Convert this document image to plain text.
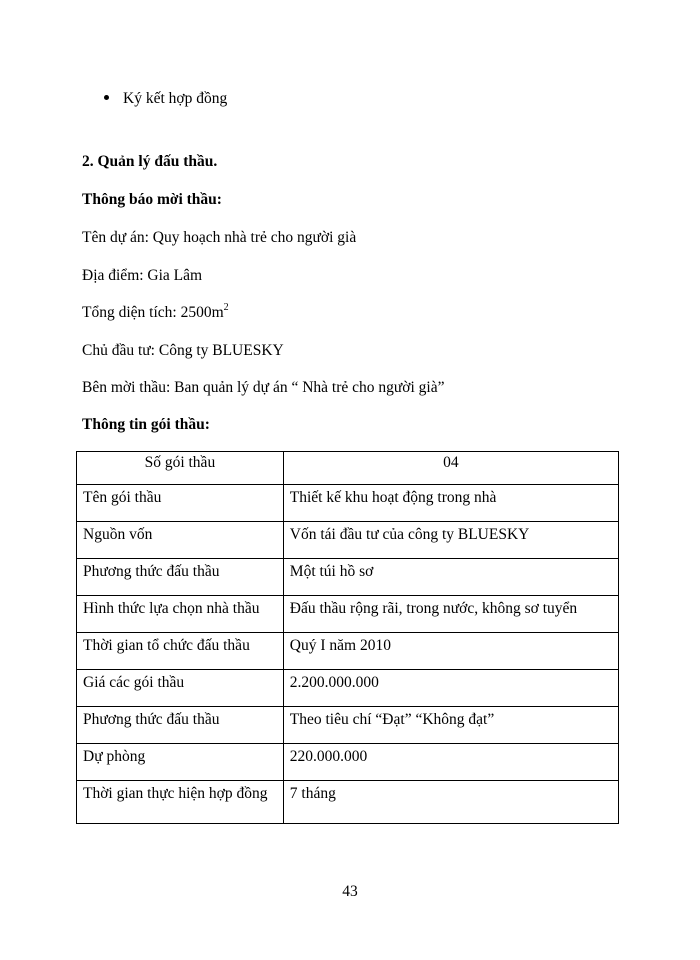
Ký kết hợp đồng
2. Quản lý đấu thầu.
Thông báo mời thầu:
Tên dự án: Quy hoạch nhà trẻ cho người già
Địa điểm: Gia Lâm
Tổng diện tích: $2500m^2$
Chủ đầu tư: Công ty BLUESKY
Bên mời thầu: Ban quản lý dự án “ Nhà trẻ cho người già”
Thông tin gói thầu:
Số gói thầu	04
Tên gói thầu	Thiết kế khu hoạt động trong nhà
Nguồn vốn	Vốn tái đầu tư của công ty BLUESKY
Phương thức đấu thầu	Một túi hồ sơ
Hình thức lựa chọn nhà thầu	Đấu thầu rộng rãi, trong nước, không sơ tuyển
Thời gian tổ chức đấu thầu	Quý I năm 2010
Giá các gói thầu	2.200.000.000
Phương thức đấu thầu	Theo tiêu chí “Đạt” “Không đạt”
Dự phòng	220.000.000
Thời gian thực hiện hợp đồng	7 tháng
43
